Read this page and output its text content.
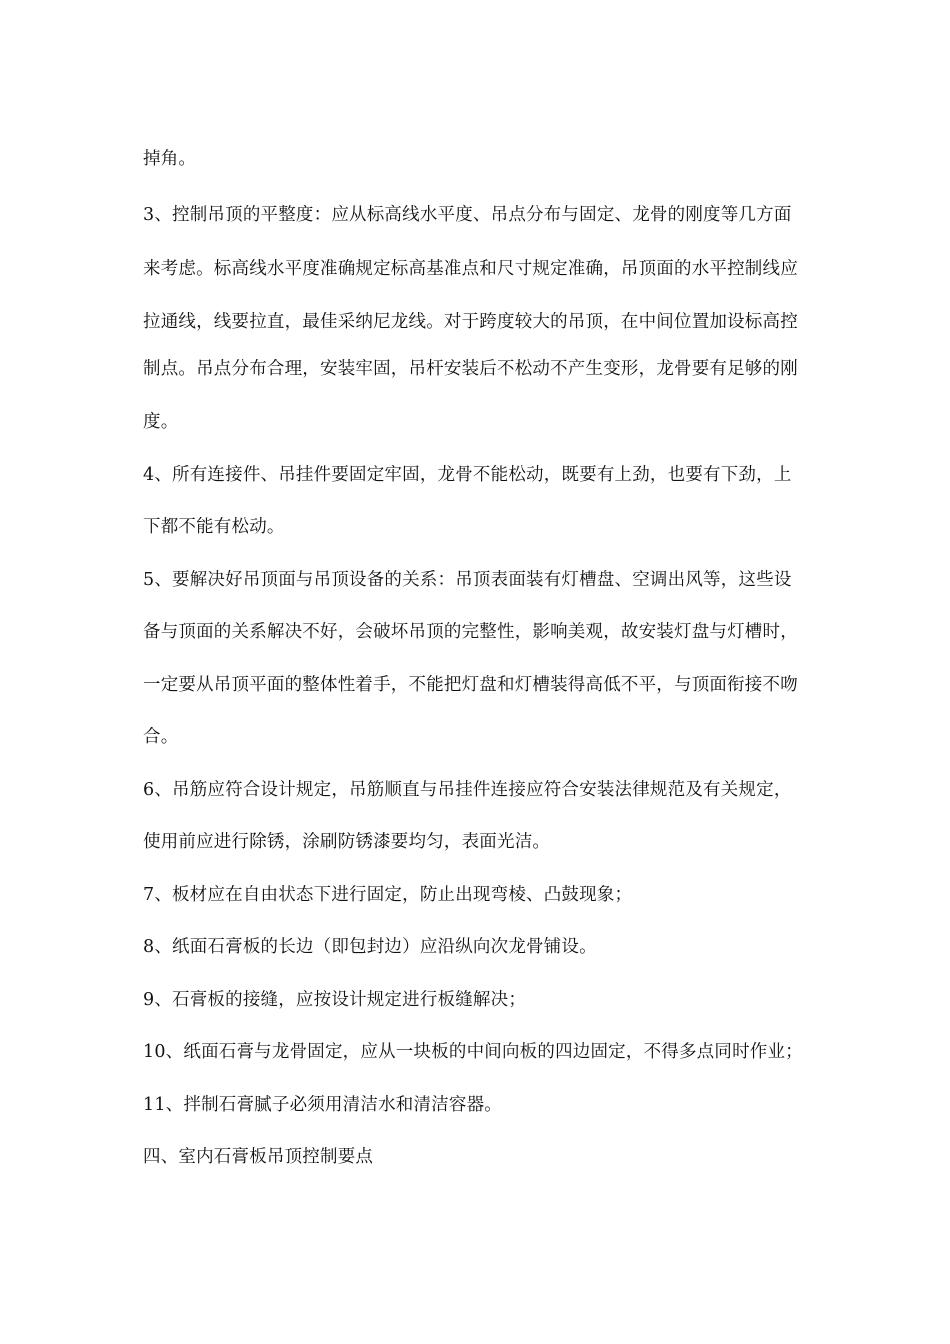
掉角。
3、控制吊顶的平整度：应从标高线水平度、吊点分布与固定、龙骨的刚度等几方面
来考虑。标高线水平度准确规定标高基准点和尺寸规定准确，吊顶面的水平控制线应
拉通线，线要拉直，最佳采纳尼龙线。对于跨度较大的吊顶，在中间位置加设标高控
制点。吊点分布合理，安装牢固，吊杆安装后不松动不产生变形，龙骨要有足够的刚
度。
4、所有连接件、吊挂件要固定牢固，龙骨不能松动，既要有上劲，也要有下劲，上
下都不能有松动。
5、要解决好吊顶面与吊顶设备的关系：吊顶表面装有灯槽盘、空调出风等，这些设
备与顶面的关系解决不好，会破坏吊顶的完整性，影响美观，故安装灯盘与灯槽时，
一定要从吊顶平面的整体性着手，不能把灯盘和灯槽装得高低不平，与顶面衔接不吻
合。
6、吊筋应符合设计规定，吊筋顺直与吊挂件连接应符合安装法律规范及有关规定，
使用前应进行除锈，涂刷防锈漆要均匀，表面光洁。
7、板材应在自由状态下进行固定，防止出现弯棱、凸鼓现象；
8、纸面石膏板的长边（即包封边）应沿纵向次龙骨铺设。
9、石膏板的接缝，应按设计规定进行板缝解决；
10、纸面石膏与龙骨固定，应从一块板的中间向板的四边固定，不得多点同时作业；
11、拌制石膏腻子必须用清洁水和清洁容器。
四、室内石膏板吊顶控制要点
